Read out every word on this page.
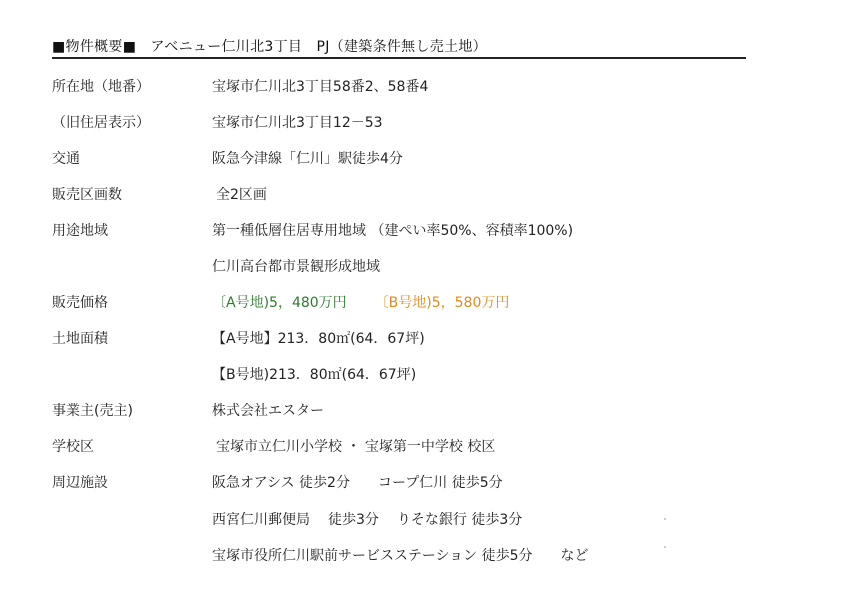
■物件概要■　アベニュー仁川北3丁目　PJ（建築条件無し売土地）
所在地（地番）	宝塚市仁川北3丁目58番2、58番4
（旧住居表示）	宝塚市仁川北3丁目12－53
交通	阪急今津線「仁川」駅徒歩4分
販売区画数	全2区画
用途地域	第一種低層住居専用地域 （建ぺい率50%、容積率100%)
仁川高台都市景観形成地域
販売価格	〔A号地)5，480万円 〔B号地)5，580万円
土地面積	【A号地】213．80㎡(64．67坪)
【B号地)213．80㎡(64．67坪)
事業主(売主)	株式会社エスター
学校区	宝塚市立仁川小学校 ・ 宝塚第一中学校 校区
周辺施設	阪急オアシス 徒歩2分 コープ仁川 徒歩5分
西宮仁川郵便局 徒歩3分 りそな銀行 徒歩3分
宝塚市役所仁川駅前サービスステーション 徒歩5分 など
